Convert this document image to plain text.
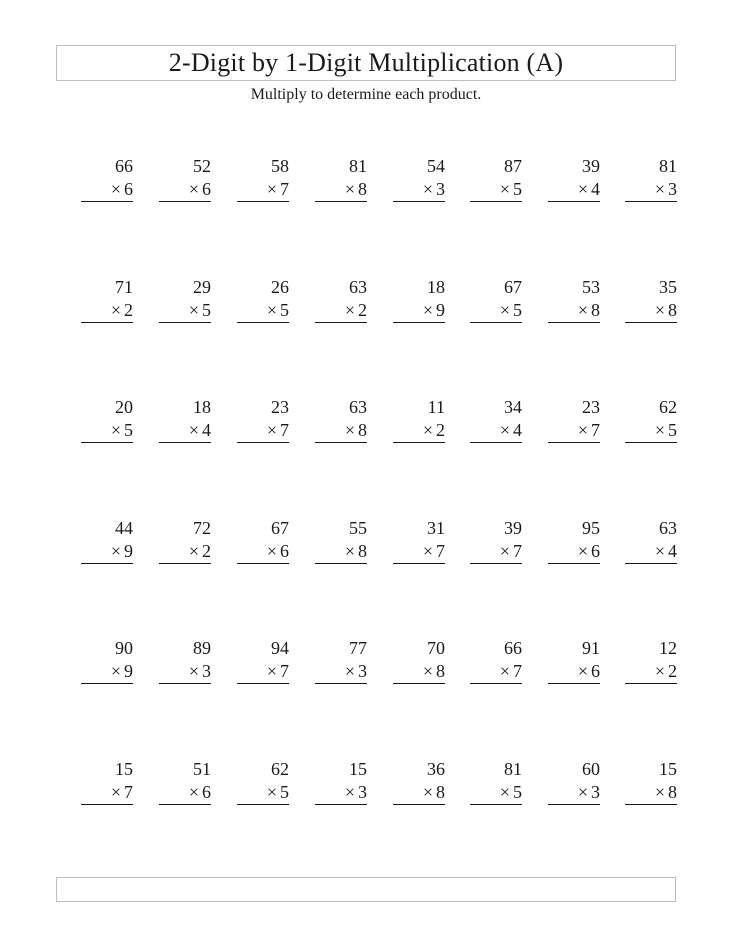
2-Digit by 1-Digit Multiplication (A)
Multiply to determine each product.
66
× 6
52
× 6
58
× 7
81
× 8
54
× 3
87
× 5
39
× 4
81
× 3
71
× 2
29
× 5
26
× 5
63
× 2
18
× 9
67
× 5
53
× 8
35
× 8
20
× 5
18
× 4
23
× 7
63
× 8
11
× 2
34
× 4
23
× 7
62
× 5
44
× 9
72
× 2
67
× 6
55
× 8
31
× 7
39
× 7
95
× 6
63
× 4
90
× 9
89
× 3
94
× 7
77
× 3
70
× 8
66
× 7
91
× 6
12
× 2
15
× 7
51
× 6
62
× 5
15
× 3
36
× 8
81
× 5
60
× 3
15
× 8
